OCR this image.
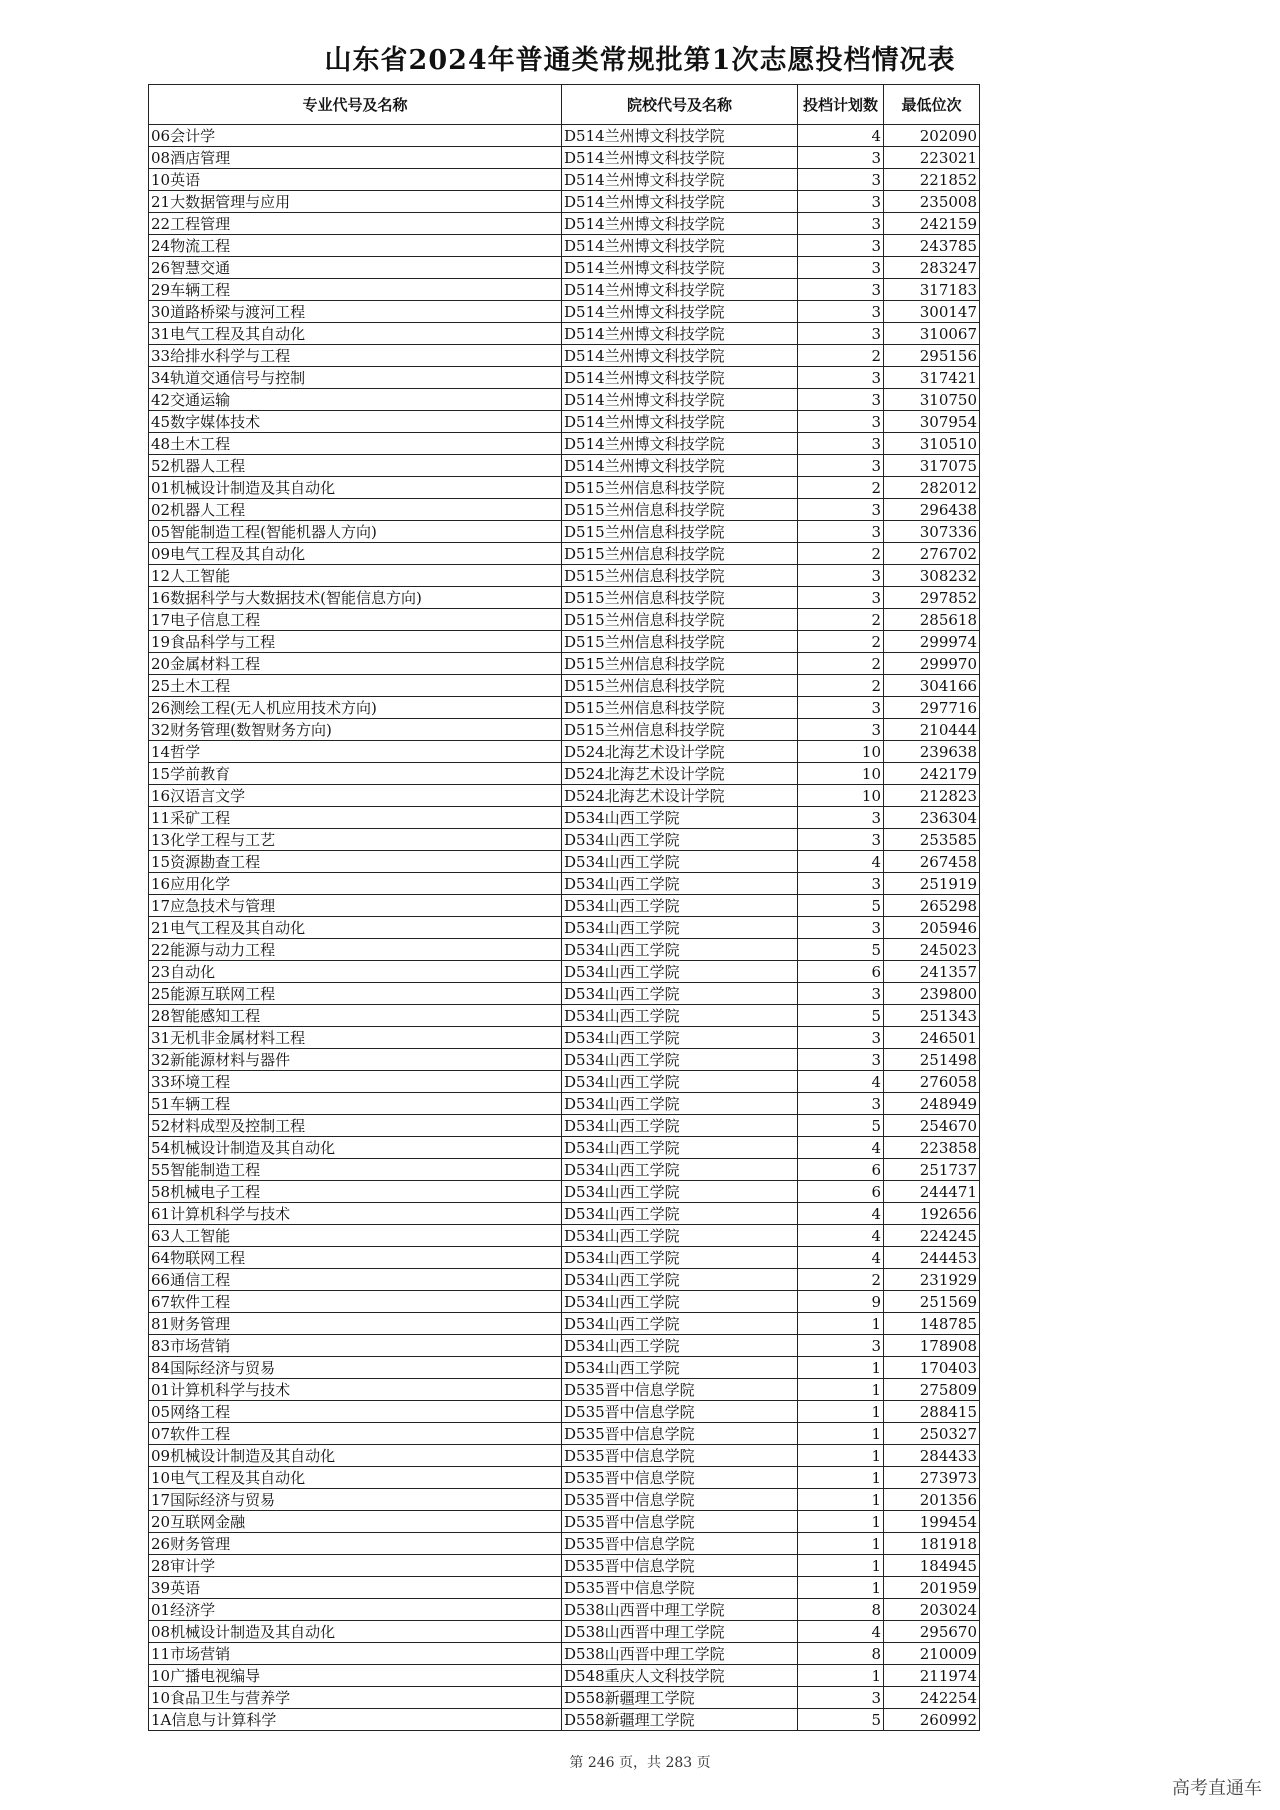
山东省2024年普通类常规批第1次志愿投档情况表
专业代号及名称	院校代号及名称	投档计划数	最低位次
06会计学	D514兰州博文科技学院	4	202090
08酒店管理	D514兰州博文科技学院	3	223021
10英语	D514兰州博文科技学院	3	221852
21大数据管理与应用	D514兰州博文科技学院	3	235008
22工程管理	D514兰州博文科技学院	3	242159
24物流工程	D514兰州博文科技学院	3	243785
26智慧交通	D514兰州博文科技学院	3	283247
29车辆工程	D514兰州博文科技学院	3	317183
30道路桥梁与渡河工程	D514兰州博文科技学院	3	300147
31电气工程及其自动化	D514兰州博文科技学院	3	310067
33给排水科学与工程	D514兰州博文科技学院	2	295156
34轨道交通信号与控制	D514兰州博文科技学院	3	317421
42交通运输	D514兰州博文科技学院	3	310750
45数字媒体技术	D514兰州博文科技学院	3	307954
48土木工程	D514兰州博文科技学院	3	310510
52机器人工程	D514兰州博文科技学院	3	317075
01机械设计制造及其自动化	D515兰州信息科技学院	2	282012
02机器人工程	D515兰州信息科技学院	3	296438
05智能制造工程(智能机器人方向)	D515兰州信息科技学院	3	307336
09电气工程及其自动化	D515兰州信息科技学院	2	276702
12人工智能	D515兰州信息科技学院	3	308232
16数据科学与大数据技术(智能信息方向)	D515兰州信息科技学院	3	297852
17电子信息工程	D515兰州信息科技学院	2	285618
19食品科学与工程	D515兰州信息科技学院	2	299974
20金属材料工程	D515兰州信息科技学院	2	299970
25土木工程	D515兰州信息科技学院	2	304166
26测绘工程(无人机应用技术方向)	D515兰州信息科技学院	3	297716
32财务管理(数智财务方向)	D515兰州信息科技学院	3	210444
14哲学	D524北海艺术设计学院	10	239638
15学前教育	D524北海艺术设计学院	10	242179
16汉语言文学	D524北海艺术设计学院	10	212823
11采矿工程	D534山西工学院	3	236304
13化学工程与工艺	D534山西工学院	3	253585
15资源勘查工程	D534山西工学院	4	267458
16应用化学	D534山西工学院	3	251919
17应急技术与管理	D534山西工学院	5	265298
21电气工程及其自动化	D534山西工学院	3	205946
22能源与动力工程	D534山西工学院	5	245023
23自动化	D534山西工学院	6	241357
25能源互联网工程	D534山西工学院	3	239800
28智能感知工程	D534山西工学院	5	251343
31无机非金属材料工程	D534山西工学院	3	246501
32新能源材料与器件	D534山西工学院	3	251498
33环境工程	D534山西工学院	4	276058
51车辆工程	D534山西工学院	3	248949
52材料成型及控制工程	D534山西工学院	5	254670
54机械设计制造及其自动化	D534山西工学院	4	223858
55智能制造工程	D534山西工学院	6	251737
58机械电子工程	D534山西工学院	6	244471
61计算机科学与技术	D534山西工学院	4	192656
63人工智能	D534山西工学院	4	224245
64物联网工程	D534山西工学院	4	244453
66通信工程	D534山西工学院	2	231929
67软件工程	D534山西工学院	9	251569
81财务管理	D534山西工学院	1	148785
83市场营销	D534山西工学院	3	178908
84国际经济与贸易	D534山西工学院	1	170403
01计算机科学与技术	D535晋中信息学院	1	275809
05网络工程	D535晋中信息学院	1	288415
07软件工程	D535晋中信息学院	1	250327
09机械设计制造及其自动化	D535晋中信息学院	1	284433
10电气工程及其自动化	D535晋中信息学院	1	273973
17国际经济与贸易	D535晋中信息学院	1	201356
20互联网金融	D535晋中信息学院	1	199454
26财务管理	D535晋中信息学院	1	181918
28审计学	D535晋中信息学院	1	184945
39英语	D535晋中信息学院	1	201959
01经济学	D538山西晋中理工学院	8	203024
08机械设计制造及其自动化	D538山西晋中理工学院	4	295670
11市场营销	D538山西晋中理工学院	8	210009
10广播电视编导	D548重庆人文科技学院	1	211974
10食品卫生与营养学	D558新疆理工学院	3	242254
1A信息与计算科学	D558新疆理工学院	5	260992
第 246 页，共 283 页
高考直通车
